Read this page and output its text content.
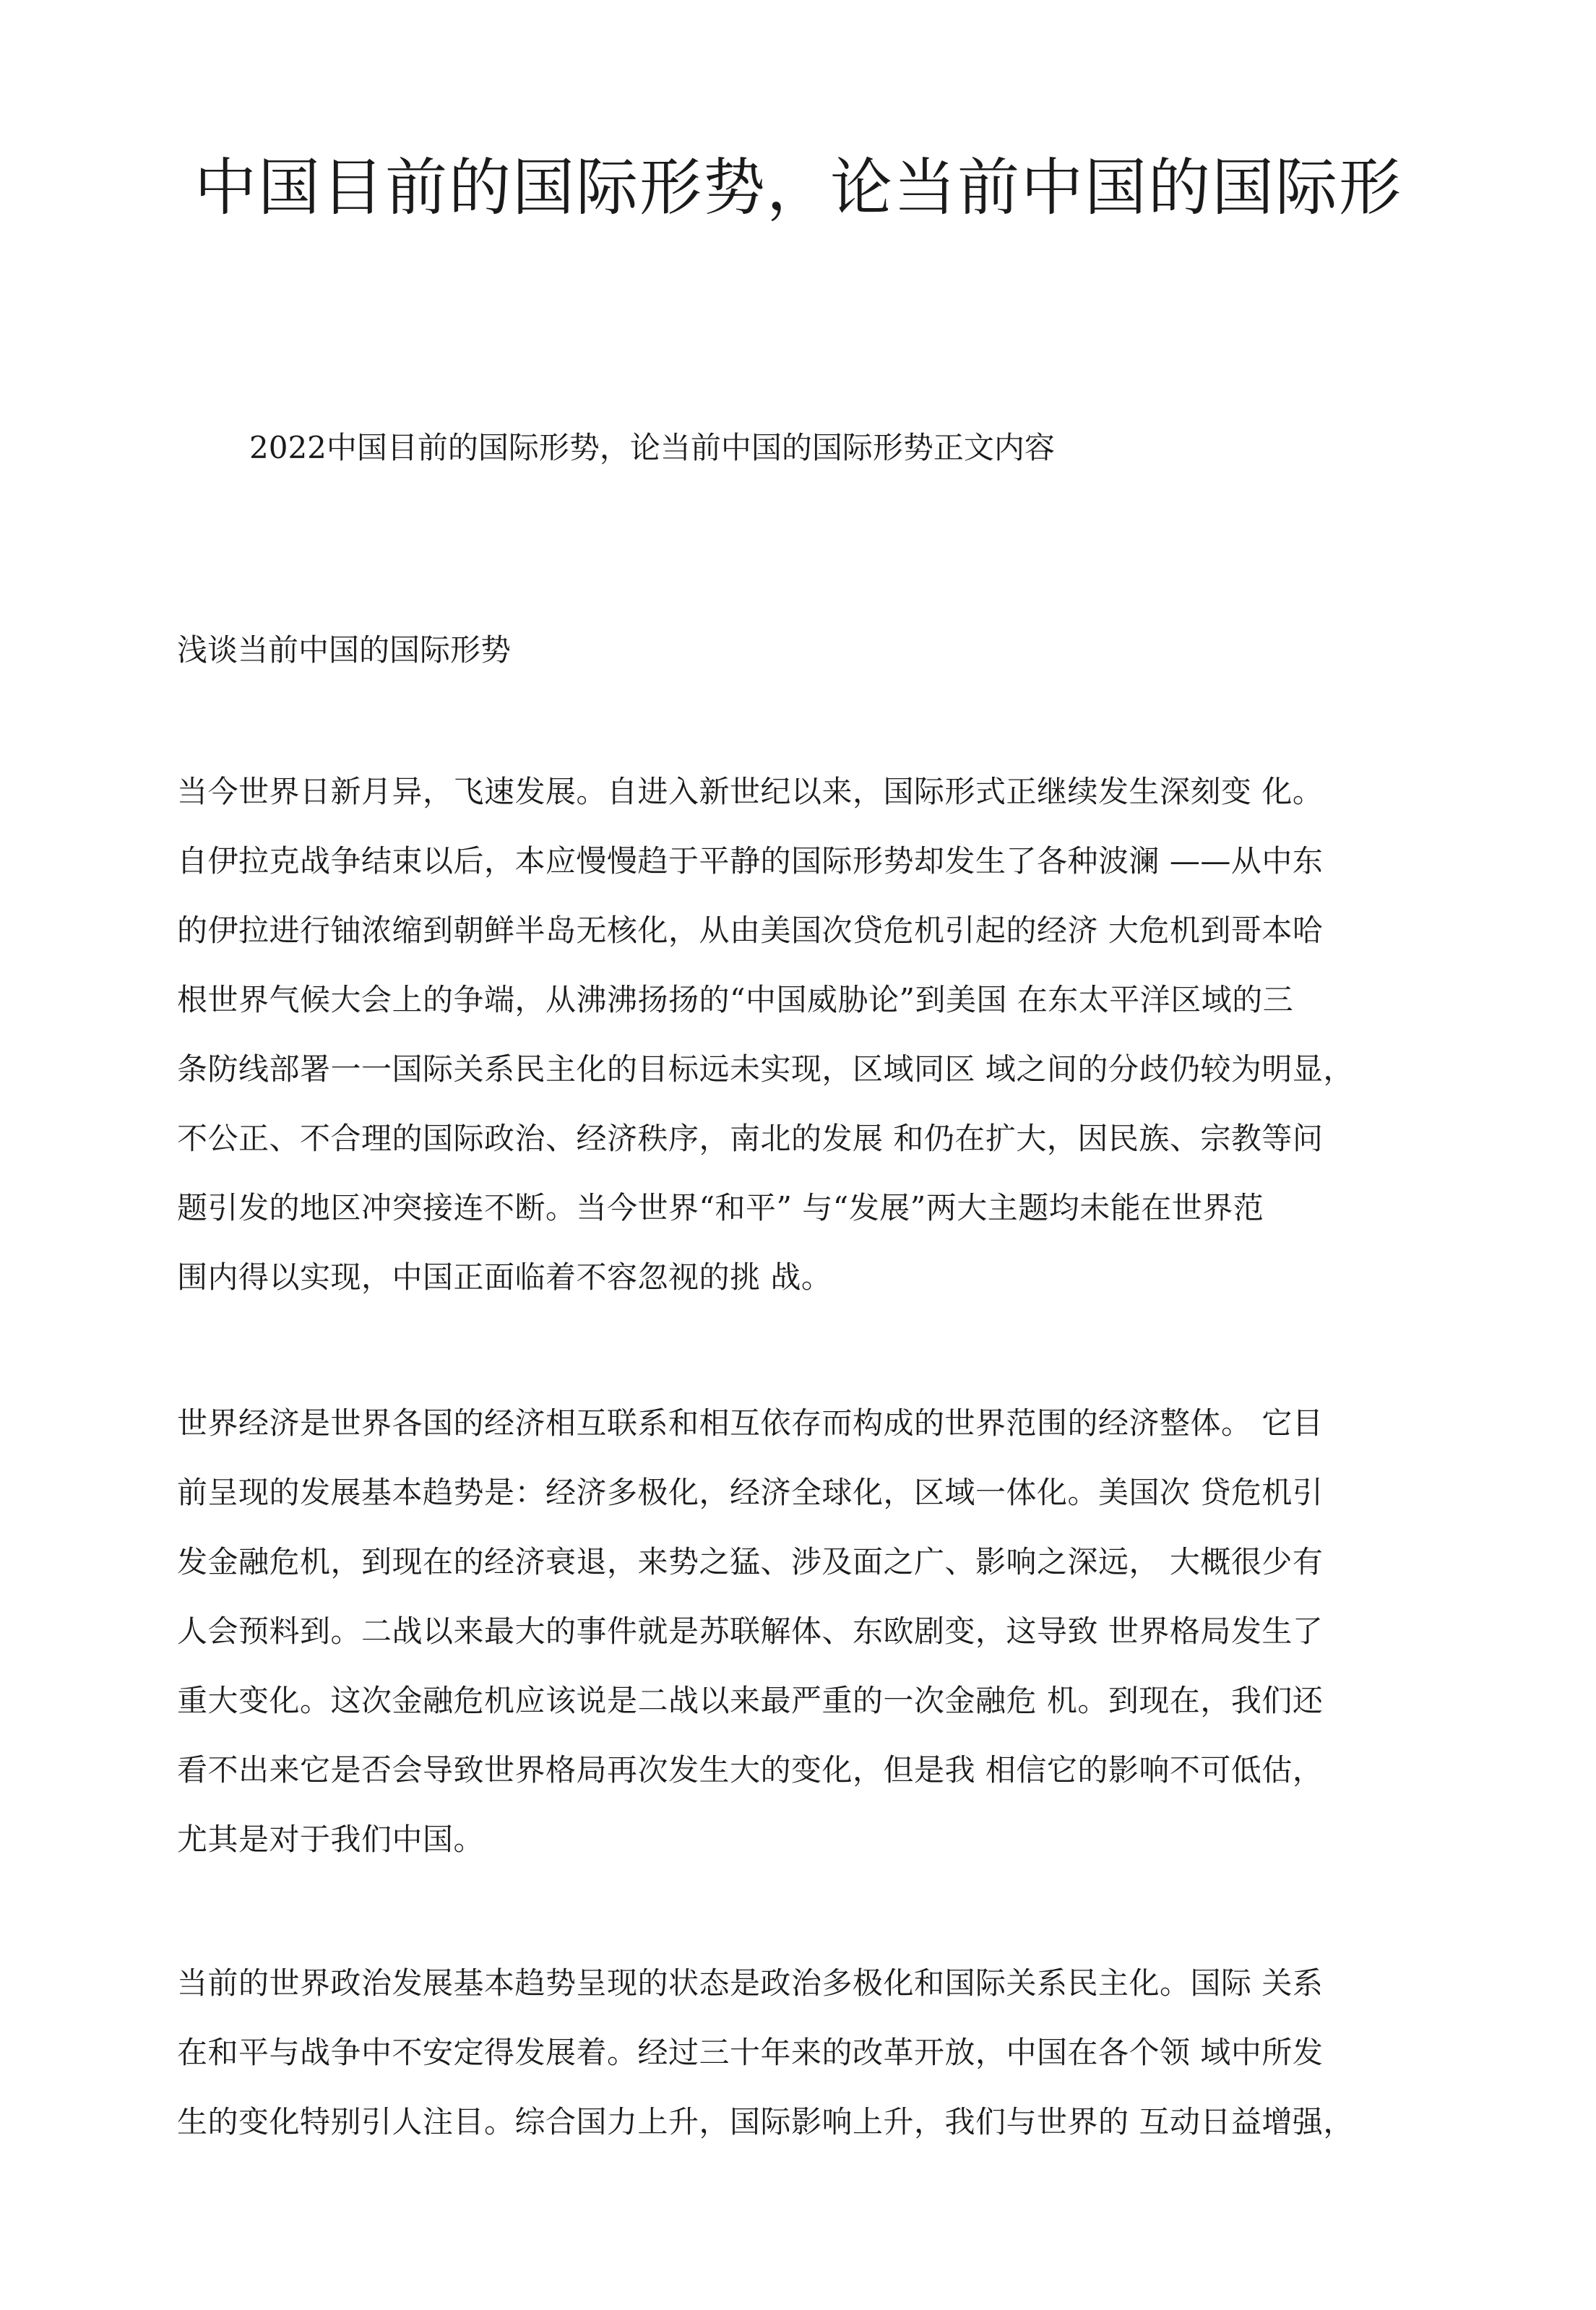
中国目前的国际形势，论当前中国的国际形

2022中国目前的国际形势，论当前中国的国际形势正文内容

浅谈当前中国的国际形势

当今世界日新月异，飞速发展。自进入新世纪以来，国际形式正继续发生深刻变 化。
自伊拉克战争结束以后，本应慢慢趋于平静的国际形势却发生了各种波澜 ——从中东
的伊拉进行铀浓缩到朝鲜半岛无核化，从由美国次贷危机引起的经济 大危机到哥本哈
根世界气候大会上的争端，从沸沸扬扬的“中国威胁论”到美国 在东太平洋区域的三
条防线部署一一国际关系民主化的目标远未实现，区域同区 域之间的分歧仍较为明显，
不公正、不合理的国际政治、经济秩序，南北的发展 和仍在扩大，因民族、宗教等问
题引发的地区冲突接连不断。当今世界“和平” 与“发展”两大主题均未能在世界范
围内得以实现，中国正面临着不容忽视的挑 战。
世界经济是世界各国的经济相互联系和相互依存而构成的世界范围的经济整体。 它目
前呈现的发展基本趋势是：经济多极化，经济全球化，区域一体化。美国次 贷危机引
发金融危机，到现在的经济衰退，来势之猛、涉及面之广、影响之深远， 大概很少有
人会预料到。二战以来最大的事件就是苏联解体、东欧剧变，这导致 世界格局发生了
重大变化。这次金融危机应该说是二战以来最严重的一次金融危 机。到现在，我们还
看不出来它是否会导致世界格局再次发生大的变化，但是我 相信它的影响不可低估，
尤其是对于我们中国。
当前的世界政治发展基本趋势呈现的状态是政治多极化和国际关系民主化。国际 关系
在和平与战争中不安定得发展着。经过三十年来的改革开放，中国在各个领 域中所发
生的变化特别引人注目。综合国力上升，国际影响上升，我们与世界的 互动日益增强，
